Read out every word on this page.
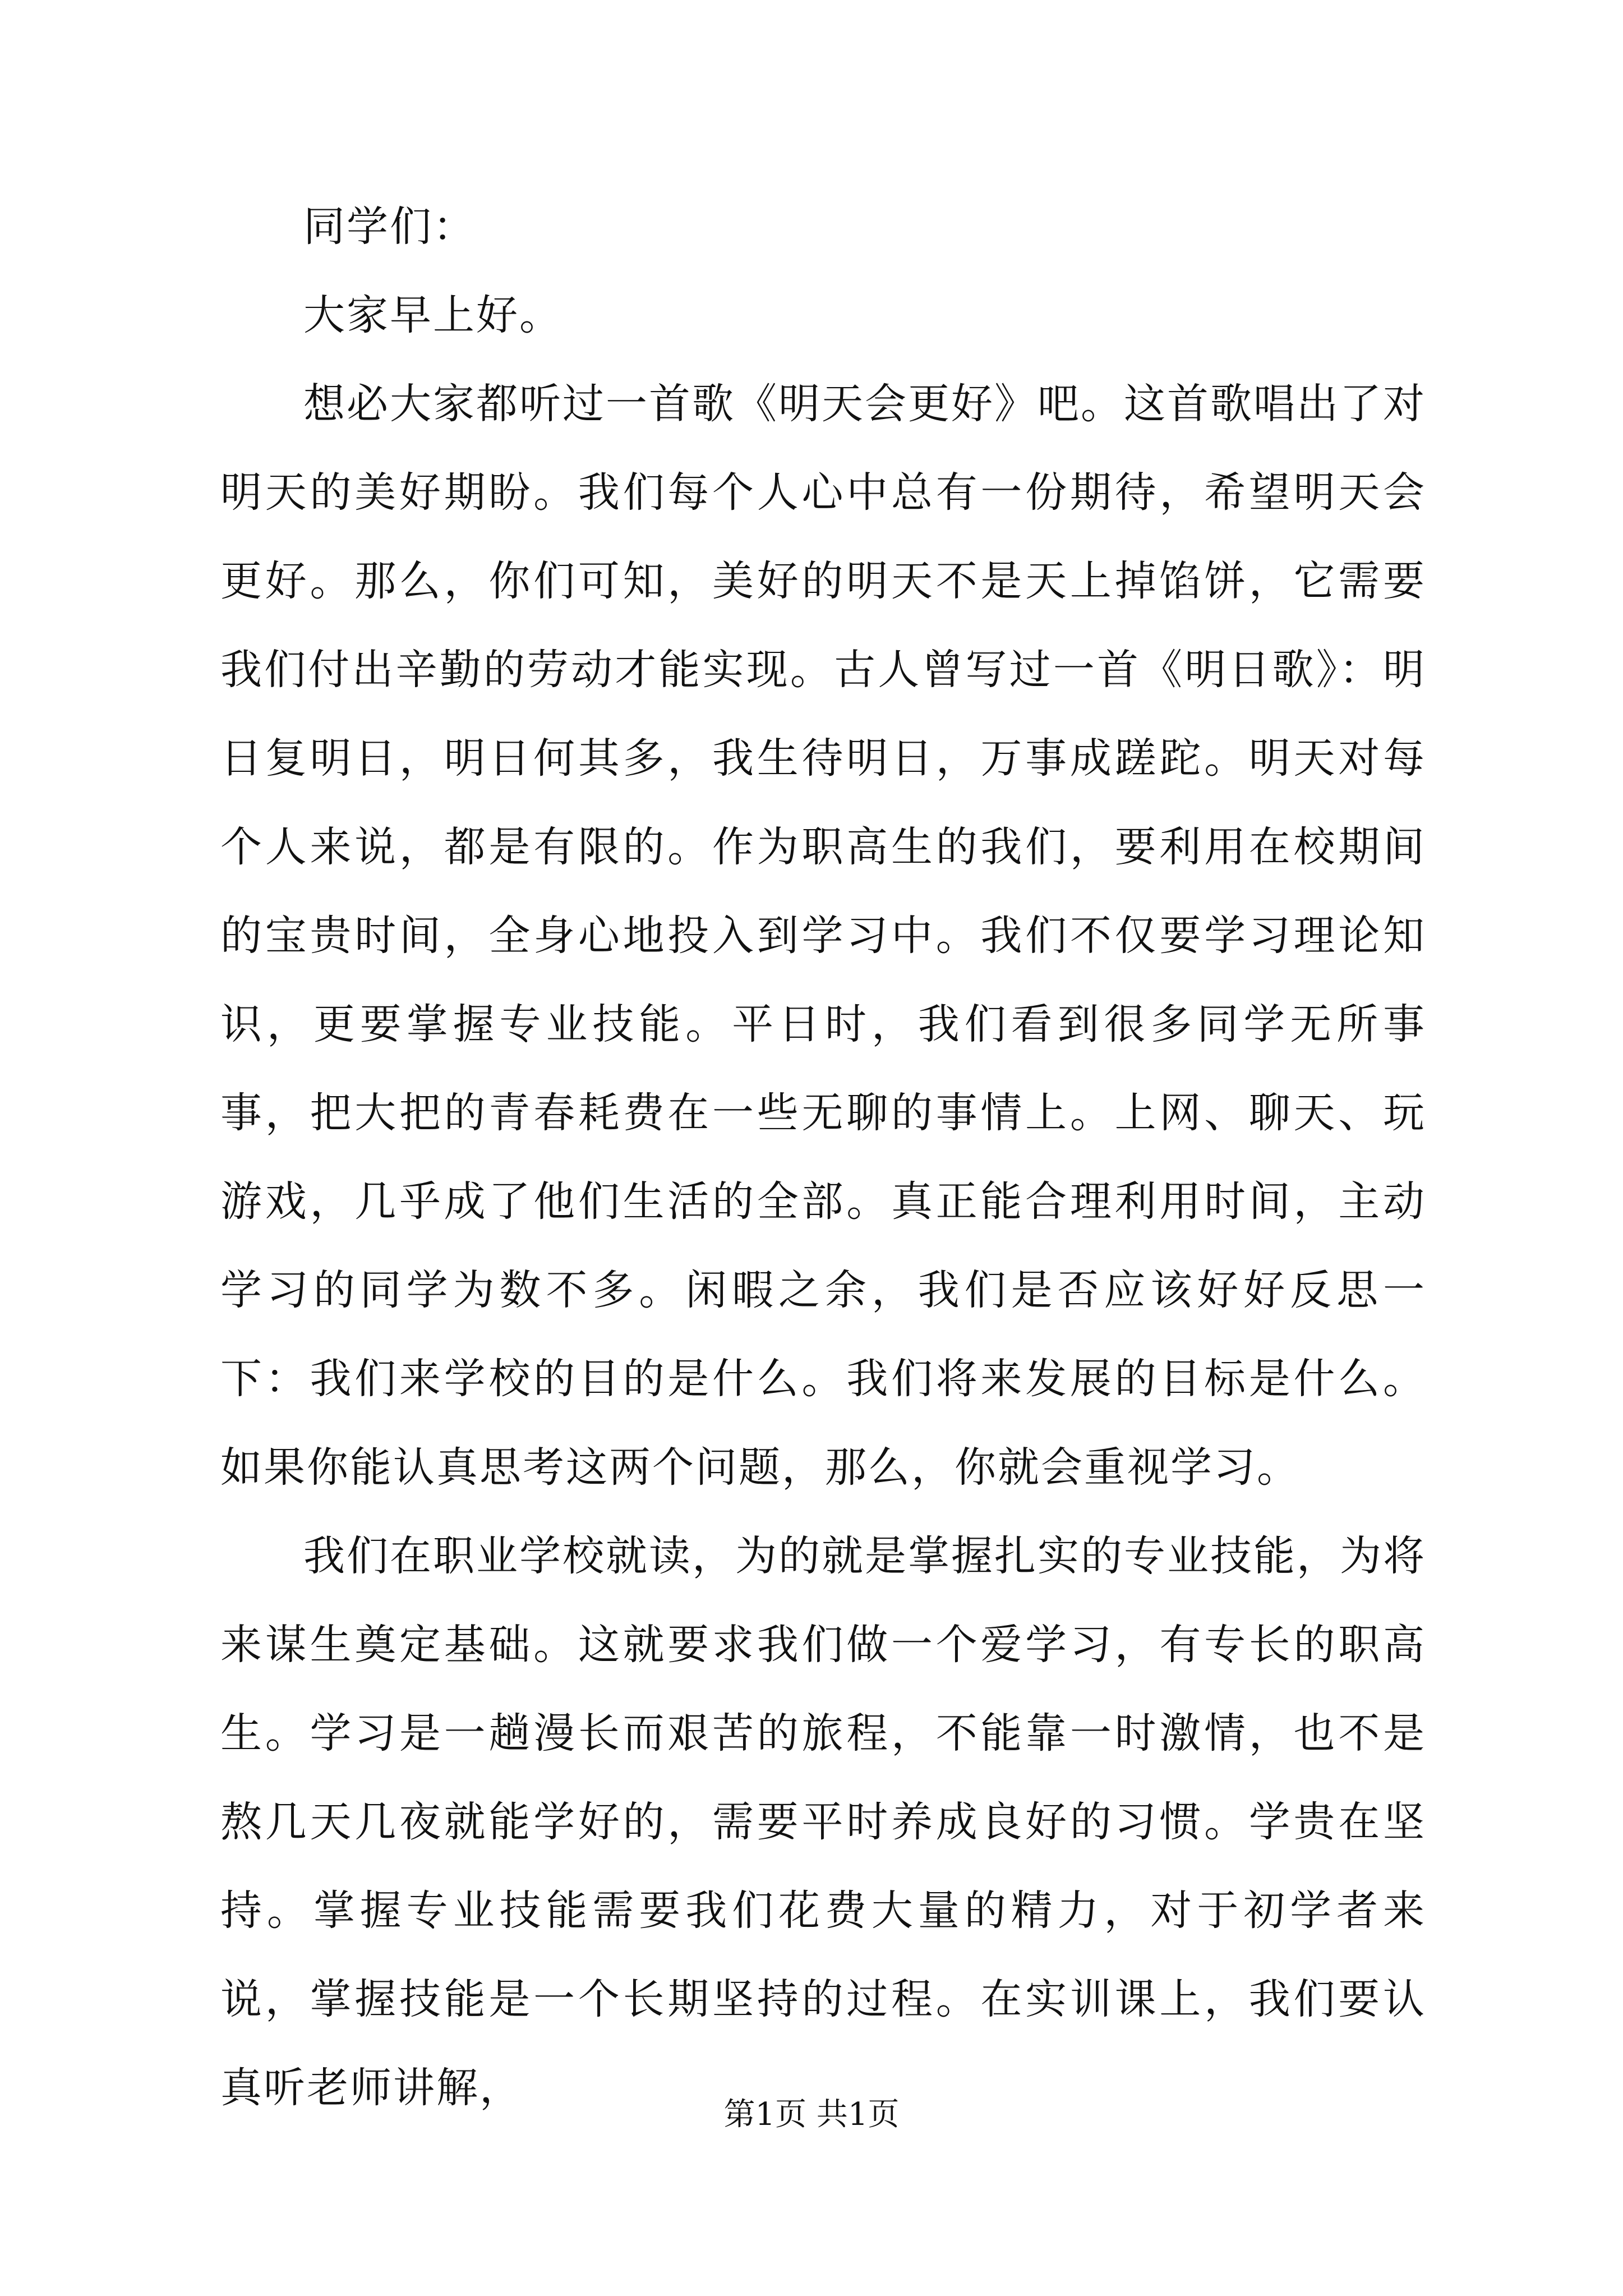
同学们：

大家早上好。

想必大家都听过一首歌《明天会更好》吧。这首歌唱出了对明天的美好期盼。我们每个人心中总有一份期待，希望明天会更好。那么，你们可知，美好的明天不是天上掉馅饼，它需要我们付出辛勤的劳动才能实现。古人曾写过一首《明日歌》：明日复明日，明日何其多，我生待明日，万事成蹉跎。明天对每个人来说，都是有限的。作为职高生的我们，要利用在校期间的宝贵时间，全身心地投入到学习中。我们不仅要学习理论知识，更要掌握专业技能。平日时，我们看到很多同学无所事事，把大把的青春耗费在一些无聊的事情上。上网、聊天、玩游戏，几乎成了他们生活的全部。真正能合理利用时间，主动学习的同学为数不多。闲暇之余，我们是否应该好好反思一下：我们来学校的目的是什么。我们将来发展的目标是什么。如果你能认真思考这两个问题，那么，你就会重视学习。

我们在职业学校就读，为的就是掌握扎实的专业技能，为将来谋生奠定基础。这就要求我们做一个爱学习，有专长的职高生。学习是一趟漫长而艰苦的旅程，不能靠一时激情，也不是熬几天几夜就能学好的，需要平时养成良好的习惯。学贵在坚持。掌握专业技能需要我们花费大量的精力，对于初学者来说，掌握技能是一个长期坚持的过程。在实训课上，我们要认真听老师讲解，

第1页 共1页
